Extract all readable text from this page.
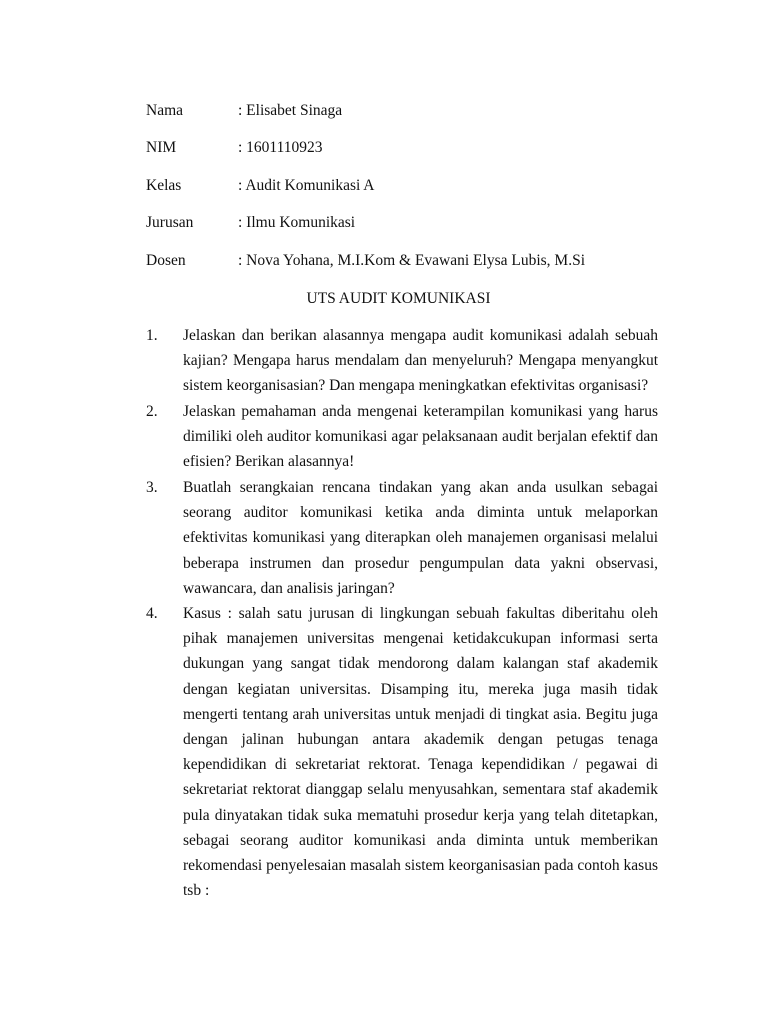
Nama	: Elisabet Sinaga
NIM	: 1601110923
Kelas	: Audit Komunikasi A
Jurusan	: Ilmu Komunikasi
Dosen	: Nova Yohana, M.I.Kom & Evawani Elysa Lubis, M.Si
UTS AUDIT KOMUNIKASI
1. Jelaskan dan berikan alasannya mengapa audit komunikasi adalah sebuah kajian? Mengapa harus mendalam dan menyeluruh? Mengapa menyangkut sistem keorganisasian? Dan mengapa meningkatkan efektivitas organisasi?
2. Jelaskan pemahaman anda mengenai keterampilan komunikasi yang harus dimiliki oleh auditor komunikasi agar pelaksanaan audit berjalan efektif dan efisien? Berikan alasannya!
3. Buatlah serangkaian rencana tindakan yang akan anda usulkan sebagai seorang auditor komunikasi ketika anda diminta untuk melaporkan efektivitas komunikasi yang diterapkan oleh manajemen organisasi melalui beberapa instrumen dan prosedur pengumpulan data yakni observasi, wawancara, dan analisis jaringan?
4. Kasus : salah satu jurusan di lingkungan sebuah fakultas diberitahu oleh pihak manajemen universitas mengenai ketidakcukupan informasi serta dukungan yang sangat tidak mendorong dalam kalangan staf akademik dengan kegiatan universitas. Disamping itu, mereka juga masih tidak mengerti tentang arah universitas untuk menjadi di tingkat asia. Begitu juga dengan jalinan hubungan antara akademik dengan petugas tenaga kependidikan di sekretariat rektorat. Tenaga kependidikan / pegawai di sekretariat rektorat dianggap selalu menyusahkan, sementara staf akademik pula dinyatakan tidak suka mematuhi prosedur kerja yang telah ditetapkan, sebagai seorang auditor komunikasi anda diminta untuk memberikan rekomendasi penyelesaian masalah sistem keorganisasian pada contoh kasus tsb :
